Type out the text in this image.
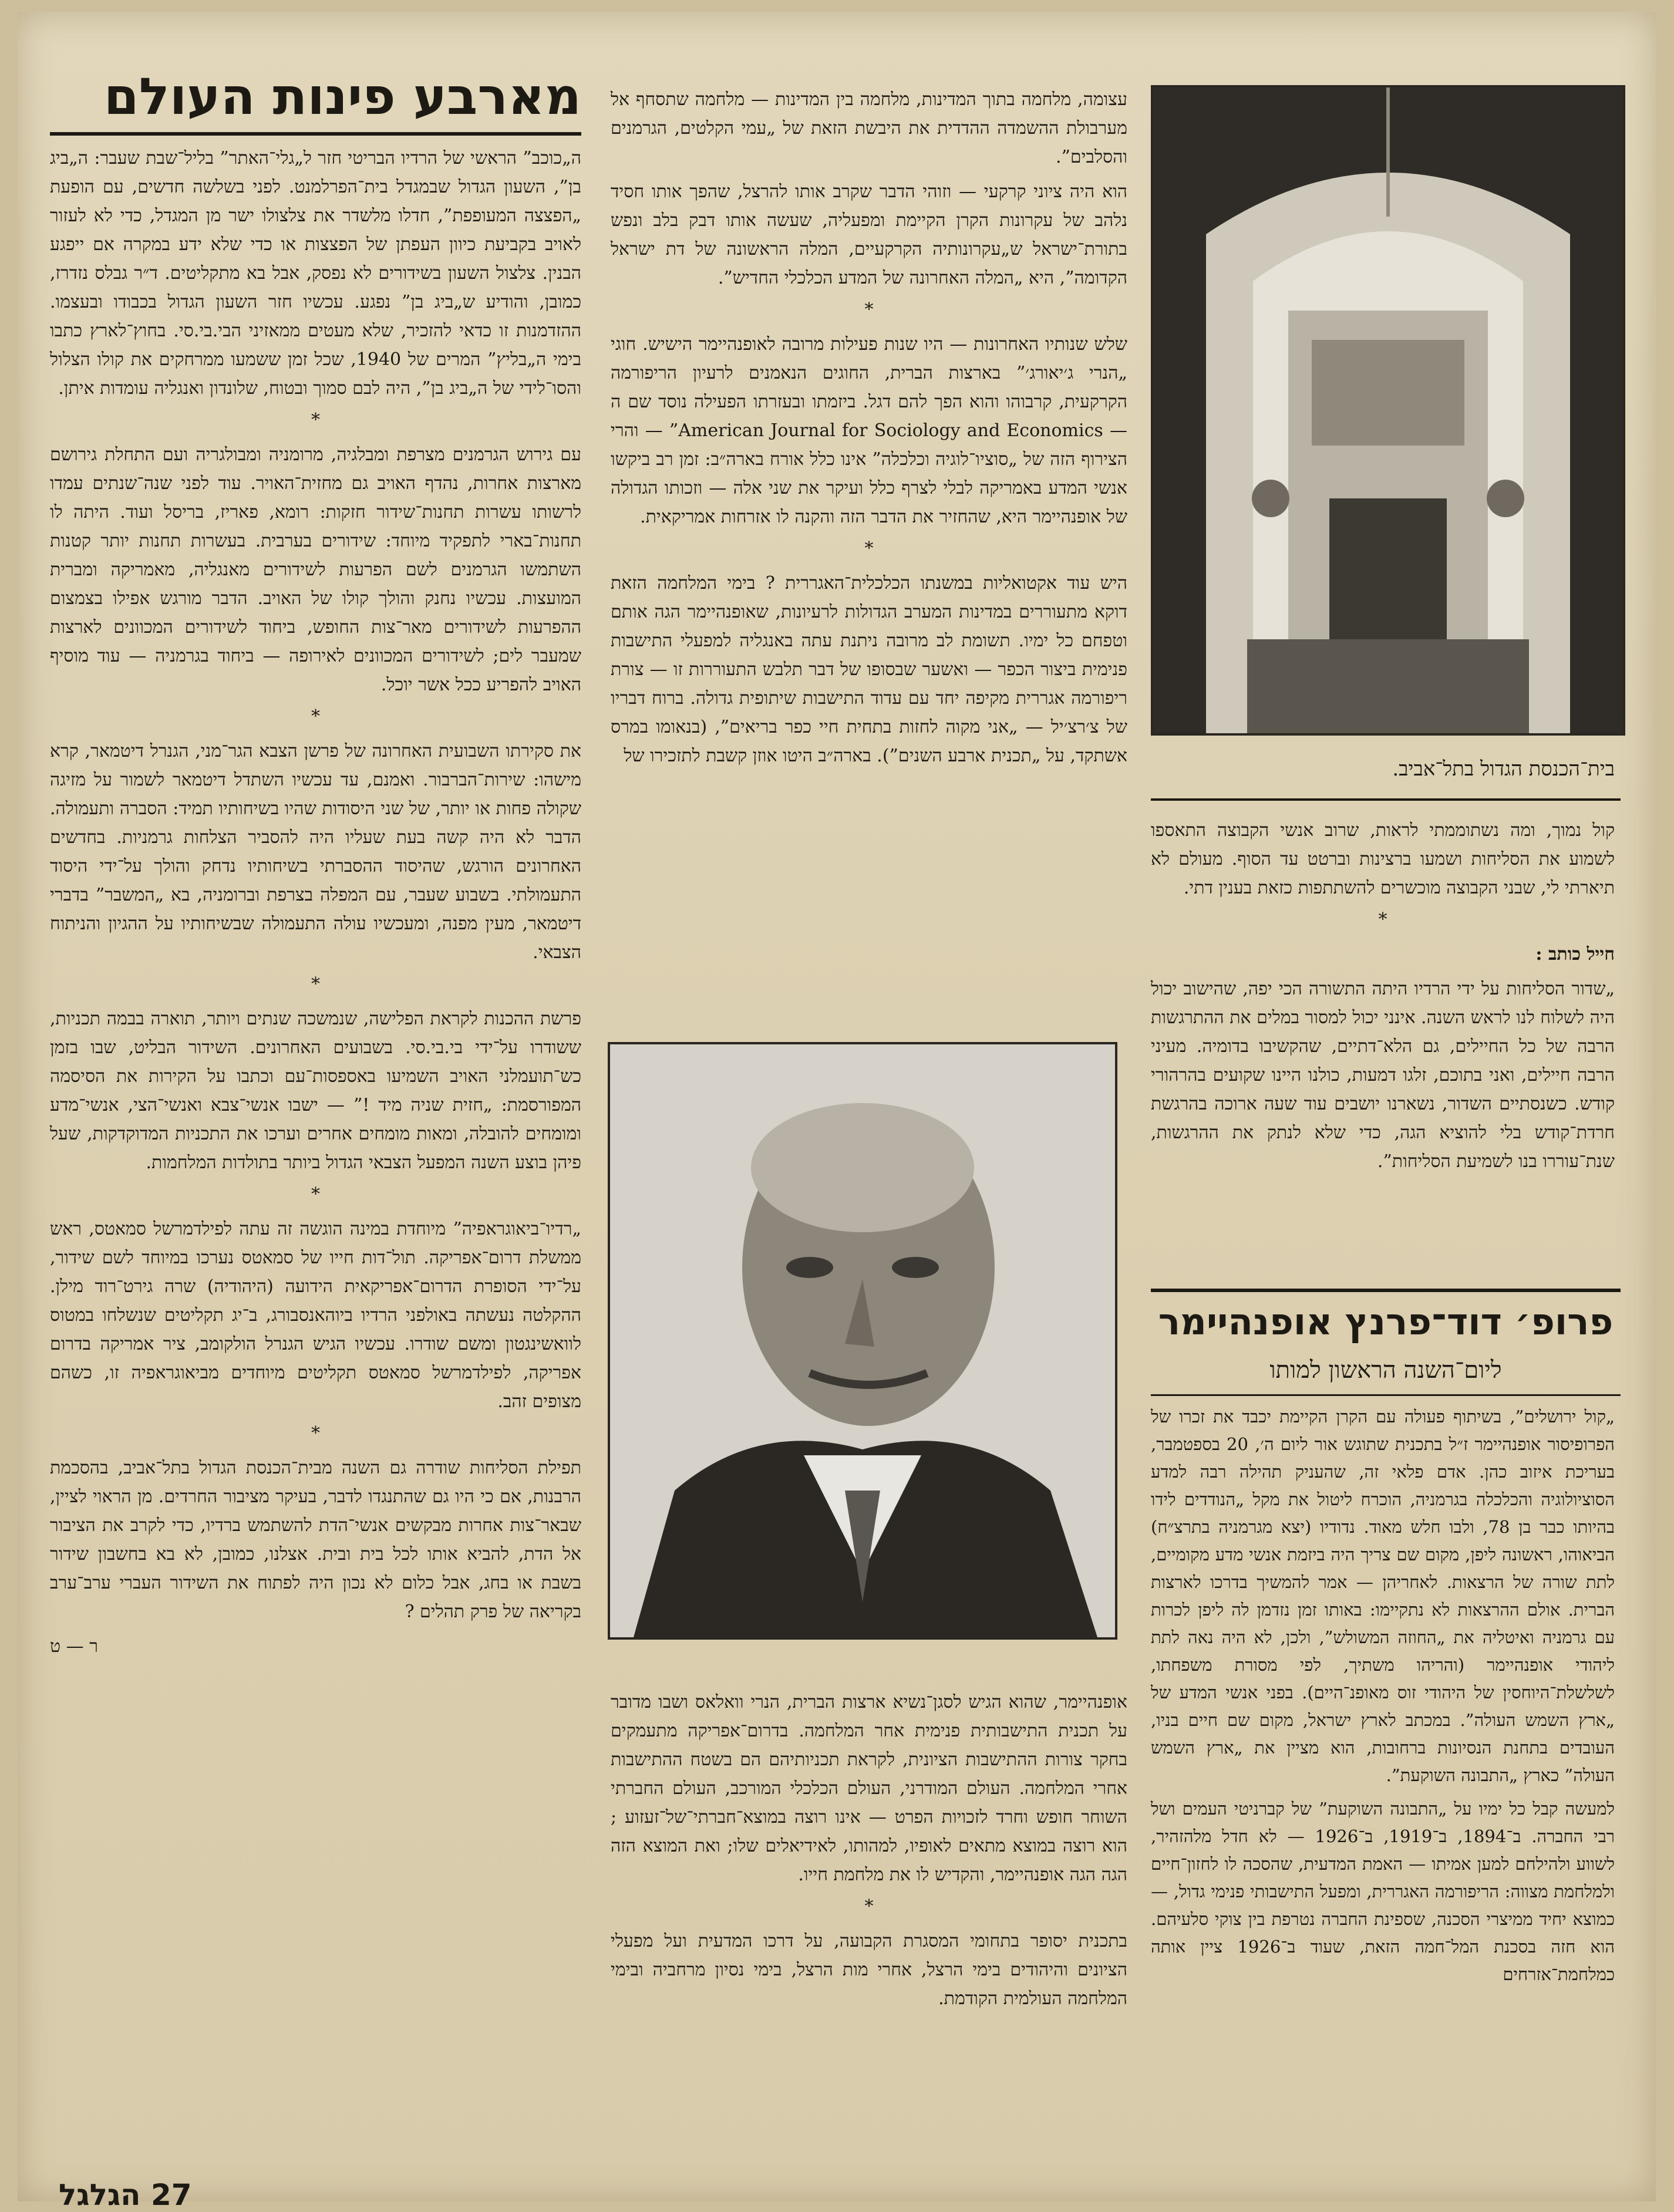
מארבע פינות העולם

ה„כוכב” הראשי של הרדיו הבריטי חזר ל„גלי־האתר” בליל־שבת שעבר: ה„ביג בן”, השעון הגדול שבמגדל בית־הפרלמנט. לפני בשלשה חדשים, עם הופעת „הפצצה המעופפת”, חדלו מלשדר את צלצולו ישר מן המגדל, כדי לא לעזור לאויב בקביעת כיוון העפתן של הפצצות או כדי שלא ידע במקרה אם ייפגע הבנין. צלצול השעון בשידורים לא נפסק, אבל בא מתקליטים. ד״ר גבלס נזדרז, כמובן, והודיע ש„ביג בן” נפגע. עכשיו חזר השעון הגדול בכבודו ובעצמו. ההזדמנות זו כדאי להזכיר, שלא מעטים ממאזיני הבי.בי.סי. בחוץ־לארץ כתבו בימי ה„בליץ” המרים של 1940, שכל זמן ששמעו ממרחקים את קולו הצלול והסו־לידי של ה„ביג בן”, היה לבם סמוך ובטוח, שלונדון ואנגליה עומדות איתן.

*

עם גירוש הגרמנים מצרפת ומבלגיה, מרומניה ומבולגריה ועם התחלת גירושם מארצות אחרות, נהדף האויב גם מחזית־האויר. עוד לפני שנה־שנתים עמדו לרשותו עשרות תחנות־שידור חזקות: רומא, פאריז, בריסל ועוד. היתה לו תחנות־בארי לתפקיד מיוחד: שידורים בערבית. בעשרות תחנות יותר קטנות השתמשו הגרמנים לשם הפרעות לשידורים מאנגליה, מאמריקה ומברית המועצות. עכשיו נחנק והולך קולו של האויב. הדבר מורגש אפילו בצמצום ההפרעות לשידורים מאר־צות החופש, ביחוד לשידורים המכוונים לארצות שמעבר לים; לשידורים המכוונים לאירופה — ביחוד בגרמניה — עוד מוסיף האויב להפריע ככל אשר יוכל.

*

את סקירתו השבועית האחרונה של פרשן הצבא הגר־מני, הגנרל דיטמאר, קרא מישהו: שירות־הברבור. ואמנם, עד עכשיו השתדל דיטמאר לשמור על מזיגה שקולה פחות או יותר, של שני היסודות שהיו בשיחותיו תמיד: הסברה ותעמולה. הדבר לא היה קשה בעת שעליו היה להסביר הצלחות גרמניות. בחדשים האחרונים הורגש, שהיסוד ההסברתי בשיחותיו נדחק והולך על־ידי היסוד התעמולתי. בשבוע שעבר, עם המפלה בצרפת וברומניה, בא „המשבר” בדברי דיטמאר, מעין מפנה, ומעכשיו עולה התעמולה שבשיחותיו על ההגיון והניתוח הצבאי.

*

פרשת ההכנות לקראת הפלישה, שנמשכה שנתים ויותר, תוארה בבמה תכניות, ששודרו על־ידי בי.בי.סי. בשבועים האחרונים. השידור הבליט, שבו בזמן כש־תועמלני האויב השמיעו באספסות־עם וכתבו על הקירות את הסיסמה המפורסמת: „חזית שניה מיד !” — ישבו אנשי־צבא ואנשי־הצי, אנשי־מדע ומומחים להובלה, ומאות מומחים אחרים וערכו את התכניות המדוקדקות, שעל פיהן בוצע השנה המפעל הצבאי הגדול ביותר בתולדות המלחמות.

*

„רדיו־ביאוגראפיה” מיוחדת במינה הוגשה זה עתה לפילדמרשל סמאטס, ראש ממשלת דרום־אפריקה. תול־דות חייו של סמאטס נערכו במיוחד לשם שידור, על־ידי הסופרת הדרום־אפריקאית הידועה (היהודיה) שרה גירט־רוד מילן. ההקלטה נעשתה באולפני הרדיו ביוהאנסבורג, ב־יג תקליטים שנשלחו במטוס לוואשינגטון ומשם שודרו. עכשיו הגיש הגנרל הולקומב, ציר אמריקה בדרום אפריקה, לפילדמרשל סמאטס תקליטים מיוחדים מביאוגראפיה זו, כשהם מצופים זהב.

*

תפילת הסליחות שודרה גם השנה מבית־הכנסת הגדול בתל־אביב, בהסכמת הרבנות, אם כי היו גם שהתנגדו לדבר, בעיקר מציבור החרדים. מן הראוי לציין, שבאר־צות אחרות מבקשים אנשי־הדת להשתמש ברדיו, כדי לקרב את הציבור אל הדת, להביא אותו לכל בית ובית. אצלנו, כמובן, לא בא בחשבון שידור בשבת או בחג, אבל כלום לא נכון היה לפתוח את השידור העברי ערב־ערב בקריאה של פרק תהלים ?

ר — ט

עצומה, מלחמה בתוך המדינות, מלחמה בין המדינות — מלחמה שתסחף אל מערבולת ההשמדה ההדדית את היבשת הזאת של „עמי הקלטים, הגרמנים והסלבים”.

הוא היה ציוני קרקעי — וזוהי הדבר שקרב אותו להרצל, שהפך אותו חסיד נלהב של עקרונות הקרן הקיימת ומפעליה, שעשה אותו דבק בלב ונפש בתורת־ישראל ש„עקרונותיה הקרקעיים, המלה הראשונה של דת ישראל הקדומה”, היא „המלה האחרונה של המדע הכלכלי החדיש”.

*

שלש שנותיו האחרונות — היו שנות פעילות מרובה לאופנהיימר הישיש. חוגי „הנרי ג׳יאורג׳” בארצות הברית, החוגים הנאמנים לרעיון הריפורמה הקרקעית, קרבוהו והוא הפך להם דגל. ביזמתו ובעזרתו הפעילה נוסד שם ה — American Journal for Sociology and Economics” — והרי הצירוף הזה של „סוציו־לוגיה וכלכלה” אינו כלל אורח בארה״ב: זמן רב ביקשו אנשי המדע באמריקה לבלי לצרף כלל ועיקר את שני אלה — וזכותו הגדולה של אופנהיימר היא, שהחזיר את הדבר הזה והקנה לו אזרחות אמריקאית.

*

היש עוד אקטואליות במשנתו הכלכלית־האגררית ? בימי המלחמה הזאת דוקא מתעוררים במדינות המערב הגדולות לרעיונות, שאופנהיימר הגה אותם וטפחם כל ימיו. תשומת לב מרובה ניתנת עתה באנגליה למפעלי התישבות פנימית ביצור הכפר — ואשער שבסופו של דבר תלבש התעוררות זו — צורת ריפורמה אגררית מקיפה יחד עם עדוד התישבות שיתופית גדולה. ברוח דבריו של צ׳רצ׳יל — „אני מקוה לחזות בתחית חיי כפר בריאים”, (בנאומו במרס אשתקד, על „תכנית ארבע השנים”). בארה״ב היטו אוזן קשבת לתזכירו של

אופנהיימר, שהוא הגיש לסגן־נשיא ארצות הברית, הנרי וואלאס ושבו מדובר על תכנית התישבותית פנימית אחר המלחמה. בדרום־אפריקה מתעמקים בחקר צורות ההתישבות הציונית, לקראת תכניותיהם הם בשטח ההתישבות אחרי המלחמה. העולם המודרני, העולם הכלכלי המורכב, העולם החברתי השוחר חופש וחרד לזכויות הפרט — אינו רוצה במוצא־חברתי־של־זעזוע ; הוא רוצה במוצא מתאים לאופיו, למהותו, לאידיאלים שלו; ואת המוצא הזה הגה הגה אופנהיימר, והקדיש לו את מלחמת חייו.

*

בתכנית יסופר בתחומי המסגרת הקבועה, על דרכו המדעית ועל מפעלי הציונים והיהודים בימי הרצל, אחרי מות הרצל, בימי נסיון מרחביה ובימי המלחמה העולמית הקודמת.

בית־הכנסת הגדול בתל־אביב.

קול נמוך, ומה נשתוממתי לראות, שרוב אנשי הקבוצה התאספו לשמוע את הסליחות ושמעו ברצינות וברטט עד הסוף. מעולם לא תיארתי לי, שבני הקבוצה מוכשרים להשתתפות כזאת בענין דתי.

*

חייל כותב :

„שדור הסליחות על ידי הרדיו היתה התשורה הכי יפה, שהישוב יכול היה לשלוח לנו לראש השנה. אינני יכול למסור במלים את ההתרגשות הרבה של כל החיילים, גם הלא־דתיים, שהקשיבו בדומיה. מעיני הרבה חיילים, ואני בתוכם, זלגו דמעות, כולנו היינו שקועים בהרהורי קודש. כשנסתיים השדור, נשארנו יושבים עוד שעה ארוכה בהרגשת חרדת־קודש בלי להוציא הגה, כדי שלא לנתק את ההרגשות, שנת־עוררו בנו לשמיעת הסליחות”.

פרופ׳ דוד־פרנץ אופנהיימר
ליום־השנה הראשון למותו

„קול ירושלים”, בשיתוף פעולה עם הקרן הקיימת יכבד את זכרו של הפרופיסור אופנהיימר ז״ל בתכנית שתוגש אור ליום ה׳, 20 בספטמבר, בעריכת איזוב כהן. אדם פלאי זה, שהעניק תהילה רבה למדע הסוציולוגיה והכלכלה בגרמניה, הוכרח ליטול את מקל „הנודדים לידו בהיותו כבר בן 78, ולבו חלש מאוד. נדודיו (יצא מגרמניה בתרצ״ח) הביאוהו, ראשונה ליפן, מקום שם צריך היה ביזמת אנשי מדע מקומיים, לתת שורה של הרצאות. לאחריהן — אמר להמשיך בדרכו לארצות הברית. אולם ההרצאות לא נתקיימו: באותו זמן נזדמן לה ליפן לכרות עם גרמניה ואיטליה את „החוזה המשולש”, ולכן, לא היה נאה לתת ליהודי אופנהיימר (והריהו משתיך, לפי מסורת משפחתו, לשלשלת־היוחסין של היהודי זוס מאופנ־היים). בפני אנשי המדע של „ארץ השמש העולה”. במכתב לארץ ישראל, מקום שם חיים בניו, העובדים בתחנת הנסיונות ברחובות, הוא מציין את „ארץ השמש העולה” כארץ „התבונה השוקעת”.

למעשה קבל כל ימיו על „התבונה השוקעת” של קברניטי העמים ושל רבי החברה. ב־1894, ב־1919, ב־1926 — לא חדל מלהזהיר, לשווע ולהילחם למען אמיתו — האמת המדעית, שהסכה לו לחזון־חיים ולמלחמת מצווה: הריפורמה האגררית, ומפעל התישבותי פנימי גדול, — כמוצא יחיד ממיצרי הסכנה, שספינת החברה נטרפת בין צוקי סלעיהם. הוא חזה בסכנת המל־חמה הזאת, שעוד ב־1926 ציין אותה כמלחמת־אזרחים

27 הגלגל
